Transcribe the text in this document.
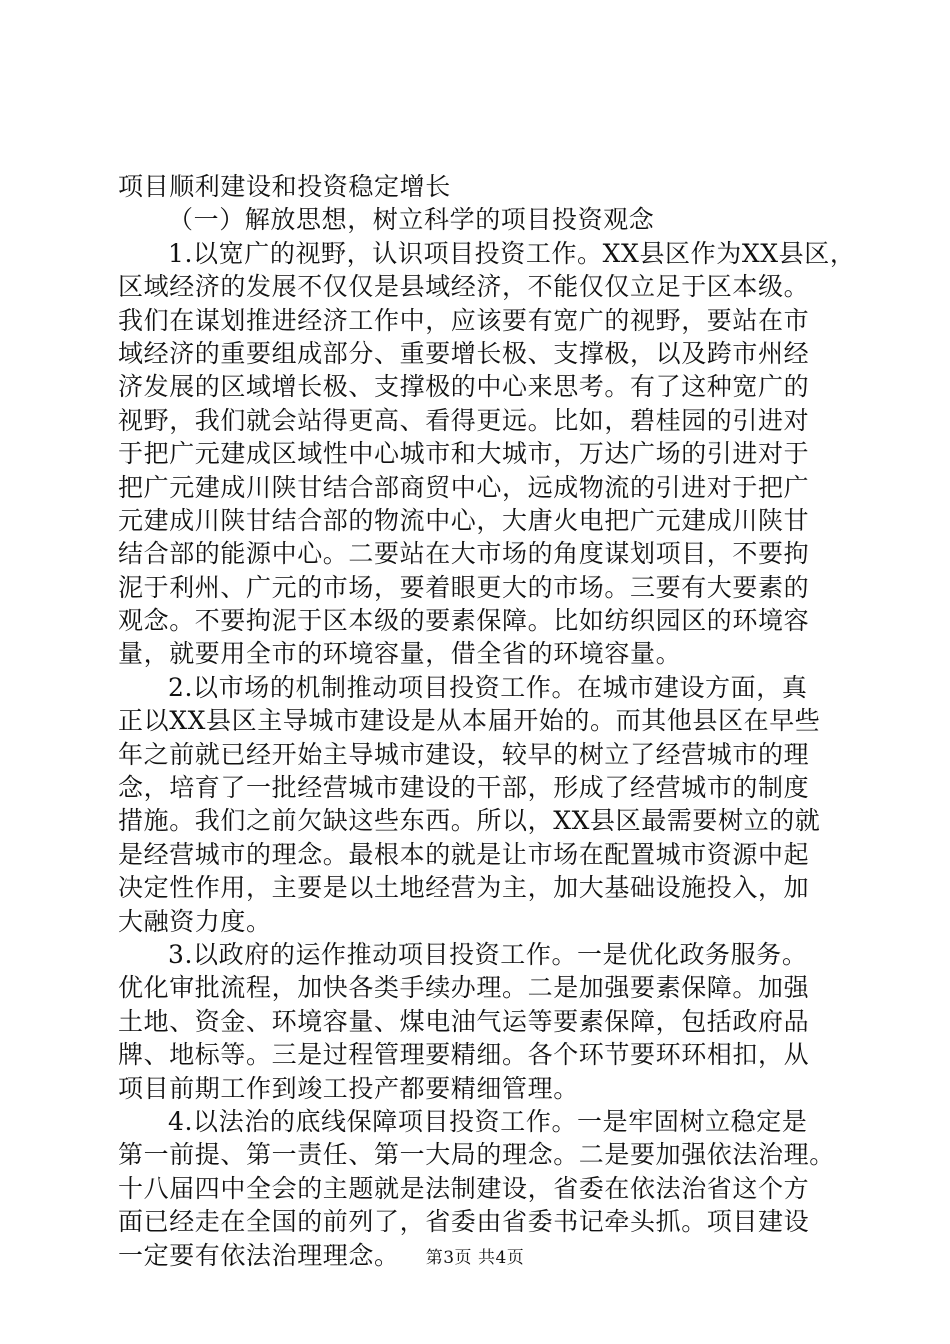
项目顺利建设和投资稳定增长
（一）解放思想，树立科学的项目投资观念
1.以宽广的视野，认识项目投资工作。XX县区作为XX县区，
区域经济的发展不仅仅是县域经济，不能仅仅立足于区本级。
我们在谋划推进经济工作中，应该要有宽广的视野，要站在市
域经济的重要组成部分、重要增长极、支撑极，以及跨市州经
济发展的区域增长极、支撑极的中心来思考。有了这种宽广的
视野，我们就会站得更高、看得更远。比如，碧桂园的引进对
于把广元建成区域性中心城市和大城市，万达广场的引进对于
把广元建成川陕甘结合部商贸中心，远成物流的引进对于把广
元建成川陕甘结合部的物流中心，大唐火电把广元建成川陕甘
结合部的能源中心。二要站在大市场的角度谋划项目，不要拘
泥于利州、广元的市场，要着眼更大的市场。三要有大要素的
观念。不要拘泥于区本级的要素保障。比如纺织园区的环境容
量，就要用全市的环境容量，借全省的环境容量。
2.以市场的机制推动项目投资工作。在城市建设方面，真
正以XX县区主导城市建设是从本届开始的。而其他县区在早些
年之前就已经开始主导城市建设，较早的树立了经营城市的理
念，培育了一批经营城市建设的干部，形成了经营城市的制度
措施。我们之前欠缺这些东西。所以，XX县区最需要树立的就
是经营城市的理念。最根本的就是让市场在配置城市资源中起
决定性作用，主要是以土地经营为主，加大基础设施投入，加
大融资力度。
3.以政府的运作推动项目投资工作。一是优化政务服务。
优化审批流程，加快各类手续办理。二是加强要素保障。加强
土地、资金、环境容量、煤电油气运等要素保障，包括政府品
牌、地标等。三是过程管理要精细。各个环节要环环相扣，从
项目前期工作到竣工投产都要精细管理。
4.以法治的底线保障项目投资工作。一是牢固树立稳定是
第一前提、第一责任、第一大局的理念。二是要加强依法治理。
十八届四中全会的主题就是法制建设，省委在依法治省这个方
面已经走在全国的前列了，省委由省委书记牵头抓。项目建设
一定要有依法治理理念。	第3页 共4页
